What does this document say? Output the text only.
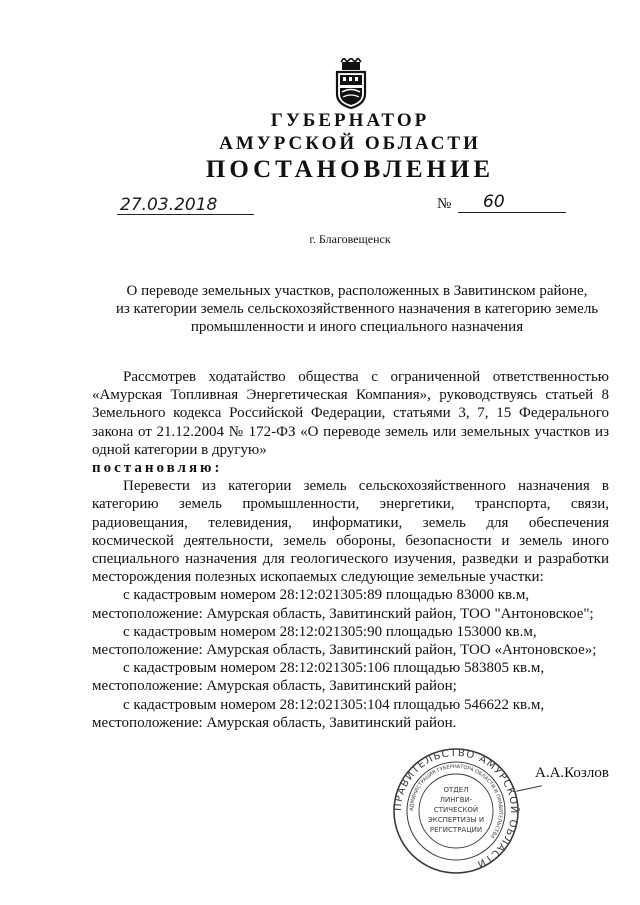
ГУБЕРНАТОР
АМУРСКОЙ ОБЛАСТИ
ПОСТАНОВЛЕНИЕ
27.03.2018	№ 60
г. Благовещенск
О переводе земельных участков, расположенных в Завитинском районе,
из категории земель сельскохозяйственного назначения в категорию земель
промышленности и иного специального назначения

Рассмотрев ходатайство общества с ограниченной ответственностью «Амурская Топливная Энергетическая Компания», руководствуясь статьей 8 Земельного кодекса Российской Федерации, статьями 3, 7, 15 Федерального закона от 21.12.2004 № 172-ФЗ «О переводе земель или земельных участков из одной категории в другую»

постановляю:

Перевести из категории земель сельскохозяйственного назначения в категорию земель промышленности, энергетики, транспорта, связи, радиовещания, телевидения, информатики, земель для обеспечения космической деятельности, земель обороны, безопасности и земель иного специального назначения для геологического изучения, разведки и разработки месторождения полезных ископаемых следующие земельные участки:

с кадастровым номером 28:12:021305:89 площадью 83000 кв.м,

местоположение: Амурская область, Завитинский район, ТОО "Антоновское";

с кадастровым номером 28:12:021305:90 площадью 153000 кв.м,

местоположение: Амурская область, Завитинский район, ТОО «Антоновское»;

с кадастровым номером 28:12:021305:106 площадью 583805 кв.м,

местоположение: Амурская область, Завитинский район;

с кадастровым номером 28:12:021305:104 площадью 546622 кв.м,

местоположение: Амурская область, Завитинский район.

ПРАВИТЕЛЬСТВО АМУРСКОЙ ОБЛАСТИ
АДМИНИСТРАЦИЯ ГУБЕРНАТОРА ОБЛАСТИ И ПРАВИТЕЛЬСТВА
ОТДЕЛ
ЛИНГВИ-
СТИЧЕСКОЙ
ЭКСПЕРТИЗЫ И
РЕГИСТРАЦИИ
А.А.Козлов
